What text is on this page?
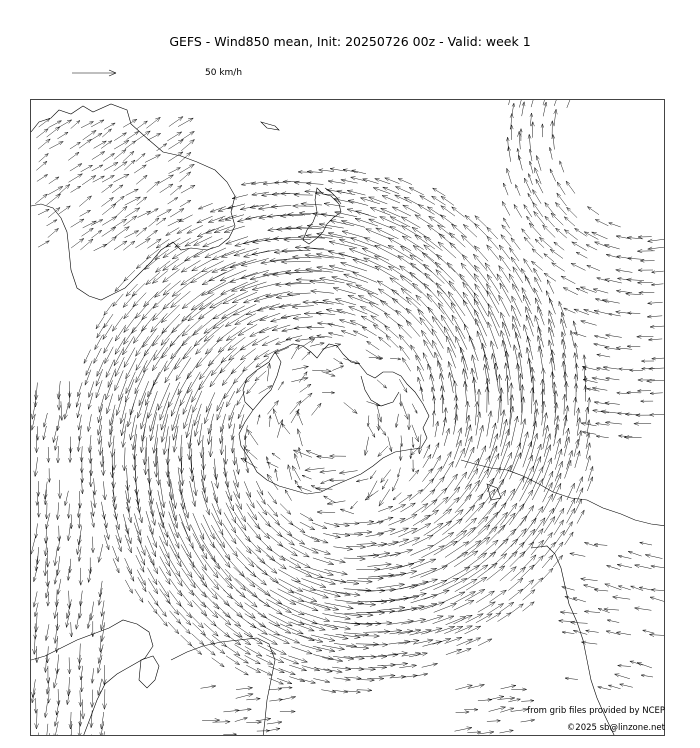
GEFS - Wind850 mean, Init: 20250726 00z - Valid: week 1
50 km/h
from grib files provided by NCEP
©2025 sb@linzone.net
